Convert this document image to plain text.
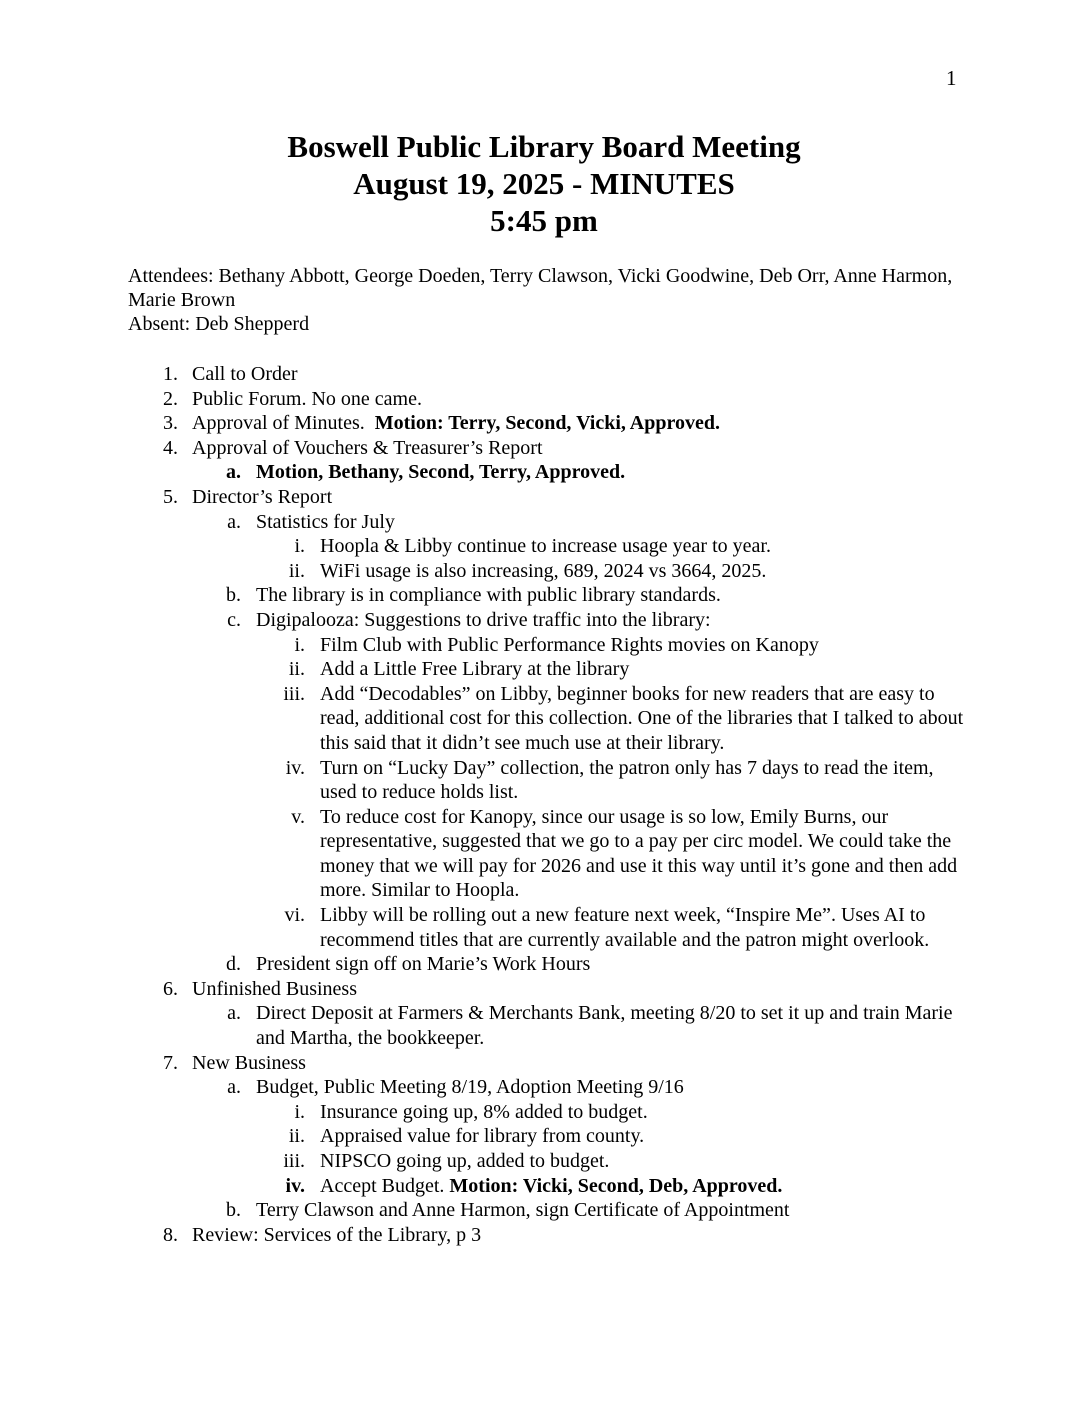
1
Boswell Public Library Board Meeting
August 19, 2025 - MINUTES
5:45 pm
Attendees: Bethany Abbott, George Doeden, Terry Clawson, Vicki Goodwine, Deb Orr, Anne Harmon, Marie Brown
Absent: Deb Shepperd
1. Call to Order
2. Public Forum. No one came.
3. Approval of Minutes. Motion: Terry, Second, Vicki, Approved.
4. Approval of Vouchers & Treasurer’s Report
a. Motion, Bethany, Second, Terry, Approved.
5. Director’s Report
a. Statistics for July
i. Hoopla & Libby continue to increase usage year to year.
ii. WiFi usage is also increasing, 689, 2024 vs 3664, 2025.
b. The library is in compliance with public library standards.
c. Digipalooza: Suggestions to drive traffic into the library:
i. Film Club with Public Performance Rights movies on Kanopy
ii. Add a Little Free Library at the library
iii. Add “Decodables” on Libby, beginner books for new readers that are easy to read, additional cost for this collection. One of the libraries that I talked to about this said that it didn’t see much use at their library.
iv. Turn on “Lucky Day” collection, the patron only has 7 days to read the item, used to reduce holds list.
v. To reduce cost for Kanopy, since our usage is so low, Emily Burns, our representative, suggested that we go to a pay per circ model. We could take the money that we will pay for 2026 and use it this way until it’s gone and then add more. Similar to Hoopla.
vi. Libby will be rolling out a new feature next week, “Inspire Me”. Uses AI to recommend titles that are currently available and the patron might overlook.
d. President sign off on Marie’s Work Hours
6. Unfinished Business
a. Direct Deposit at Farmers & Merchants Bank, meeting 8/20 to set it up and train Marie and Martha, the bookkeeper.
7. New Business
a. Budget, Public Meeting 8/19, Adoption Meeting 9/16
i. Insurance going up, 8% added to budget.
ii. Appraised value for library from county.
iii. NIPSCO going up, added to budget.
iv. Accept Budget. Motion: Vicki, Second, Deb, Approved.
b. Terry Clawson and Anne Harmon, sign Certificate of Appointment
8. Review: Services of the Library, p 3
